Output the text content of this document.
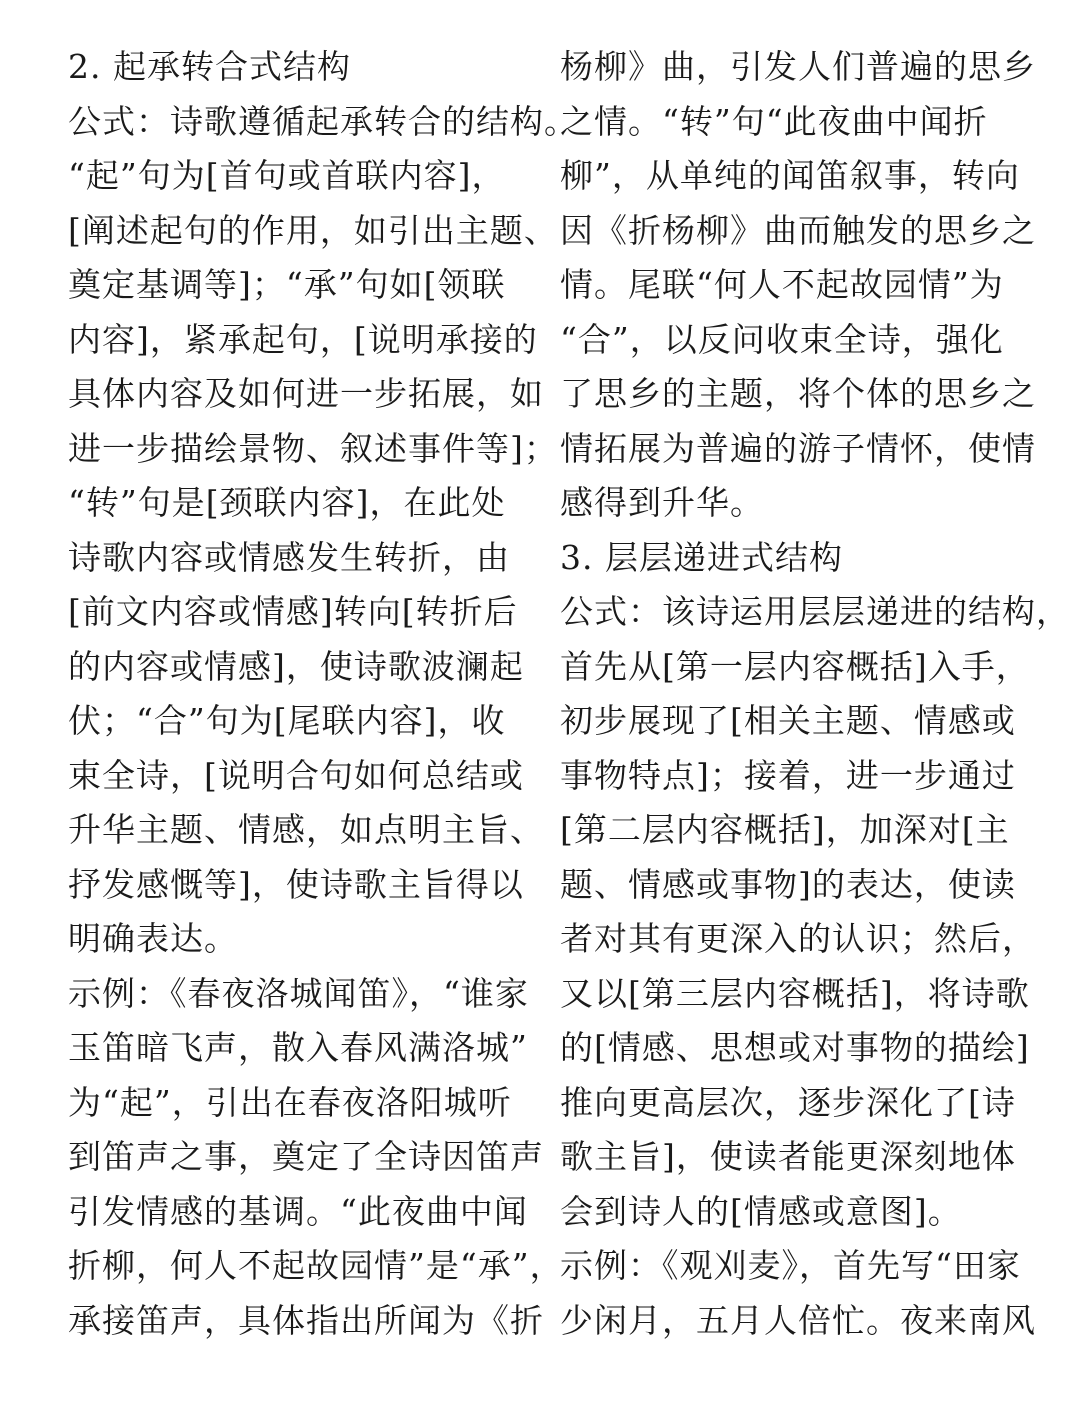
2. 起承转合式结构
公式：诗歌遵循起承转合的结构。
“起”句为[首句或首联内容]，
[阐述起句的作用，如引出主题、
奠定基调等]；“承”句如[领联
内容]，紧承起句，[说明承接的
具体内容及如何进一步拓展，如
进一步描绘景物、叙述事件等]；
“转”句是[颈联内容]，在此处
诗歌内容或情感发生转折，由
[前文内容或情感]转向[转折后
的内容或情感]，使诗歌波澜起
伏；“合”句为[尾联内容]，收
束全诗，[说明合句如何总结或
升华主题、情感，如点明主旨、
抒发感慨等]，使诗歌主旨得以
明确表达。
示例：《春夜洛城闻笛》，“谁家
玉笛暗飞声，散入春风满洛城”
为“起”，引出在春夜洛阳城听
到笛声之事，奠定了全诗因笛声
引发情感的基调。“此夜曲中闻
折柳，何人不起故园情”是“承”，
承接笛声，具体指出所闻为《折
杨柳》曲，引发人们普遍的思乡
之情。“转”句“此夜曲中闻折
柳”，从单纯的闻笛叙事，转向
因《折杨柳》曲而触发的思乡之
情。尾联“何人不起故园情”为
“合”，以反问收束全诗，强化
了思乡的主题，将个体的思乡之
情拓展为普遍的游子情怀，使情
感得到升华。
3. 层层递进式结构
公式：该诗运用层层递进的结构，
首先从[第一层内容概括]入手，
初步展现了[相关主题、情感或
事物特点]；接着，进一步通过
[第二层内容概括]，加深对[主
题、情感或事物]的表达，使读
者对其有更深入的认识；然后，
又以[第三层内容概括]，将诗歌
的[情感、思想或对事物的描绘]
推向更高层次，逐步深化了[诗
歌主旨]，使读者能更深刻地体
会到诗人的[情感或意图]。
示例：《观刈麦》，首先写“田家
少闲月，五月人倍忙。夜来南风
